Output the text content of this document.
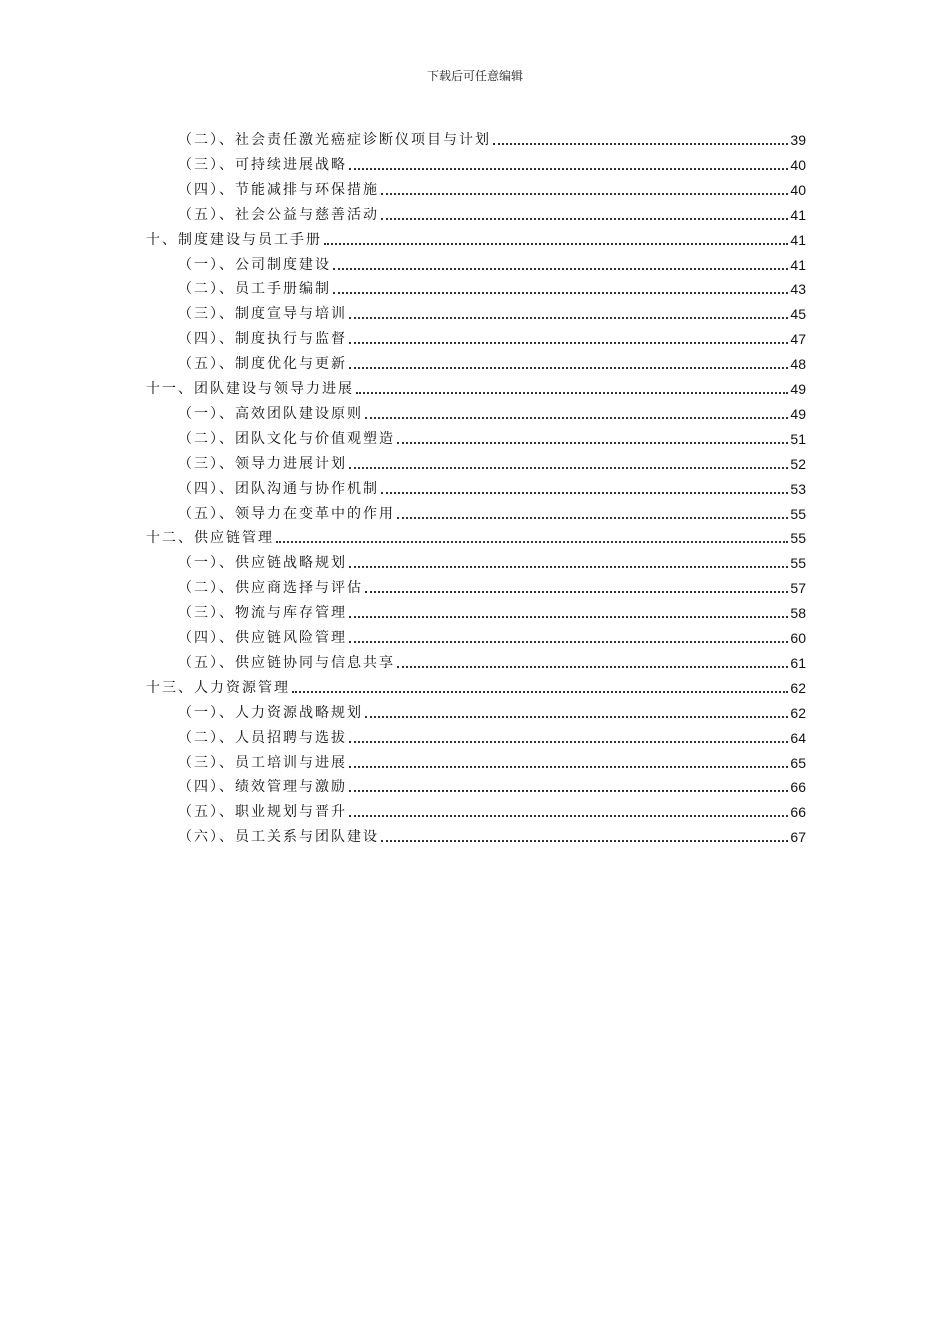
下载后可任意编辑
（二）、社会责任激光癌症诊断仪项目与计划	39
（三）、可持续进展战略	40
（四）、节能减排与环保措施	40
（五）、社会公益与慈善活动	41
十、制度建设与员工手册	41
（一）、公司制度建设	41
（二）、员工手册编制	43
（三）、制度宣导与培训	45
（四）、制度执行与监督	47
（五）、制度优化与更新	48
十一、团队建设与领导力进展	49
（一）、高效团队建设原则	49
（二）、团队文化与价值观塑造	51
（三）、领导力进展计划	52
（四）、团队沟通与协作机制	53
（五）、领导力在变革中的作用	55
十二、供应链管理	55
（一）、供应链战略规划	55
（二）、供应商选择与评估	57
（三）、物流与库存管理	58
（四）、供应链风险管理	60
（五）、供应链协同与信息共享	61
十三、人力资源管理	62
（一）、人力资源战略规划	62
（二）、人员招聘与选拔	64
（三）、员工培训与进展	65
（四）、绩效管理与激励	66
（五）、职业规划与晋升	66
（六）、员工关系与团队建设	67
